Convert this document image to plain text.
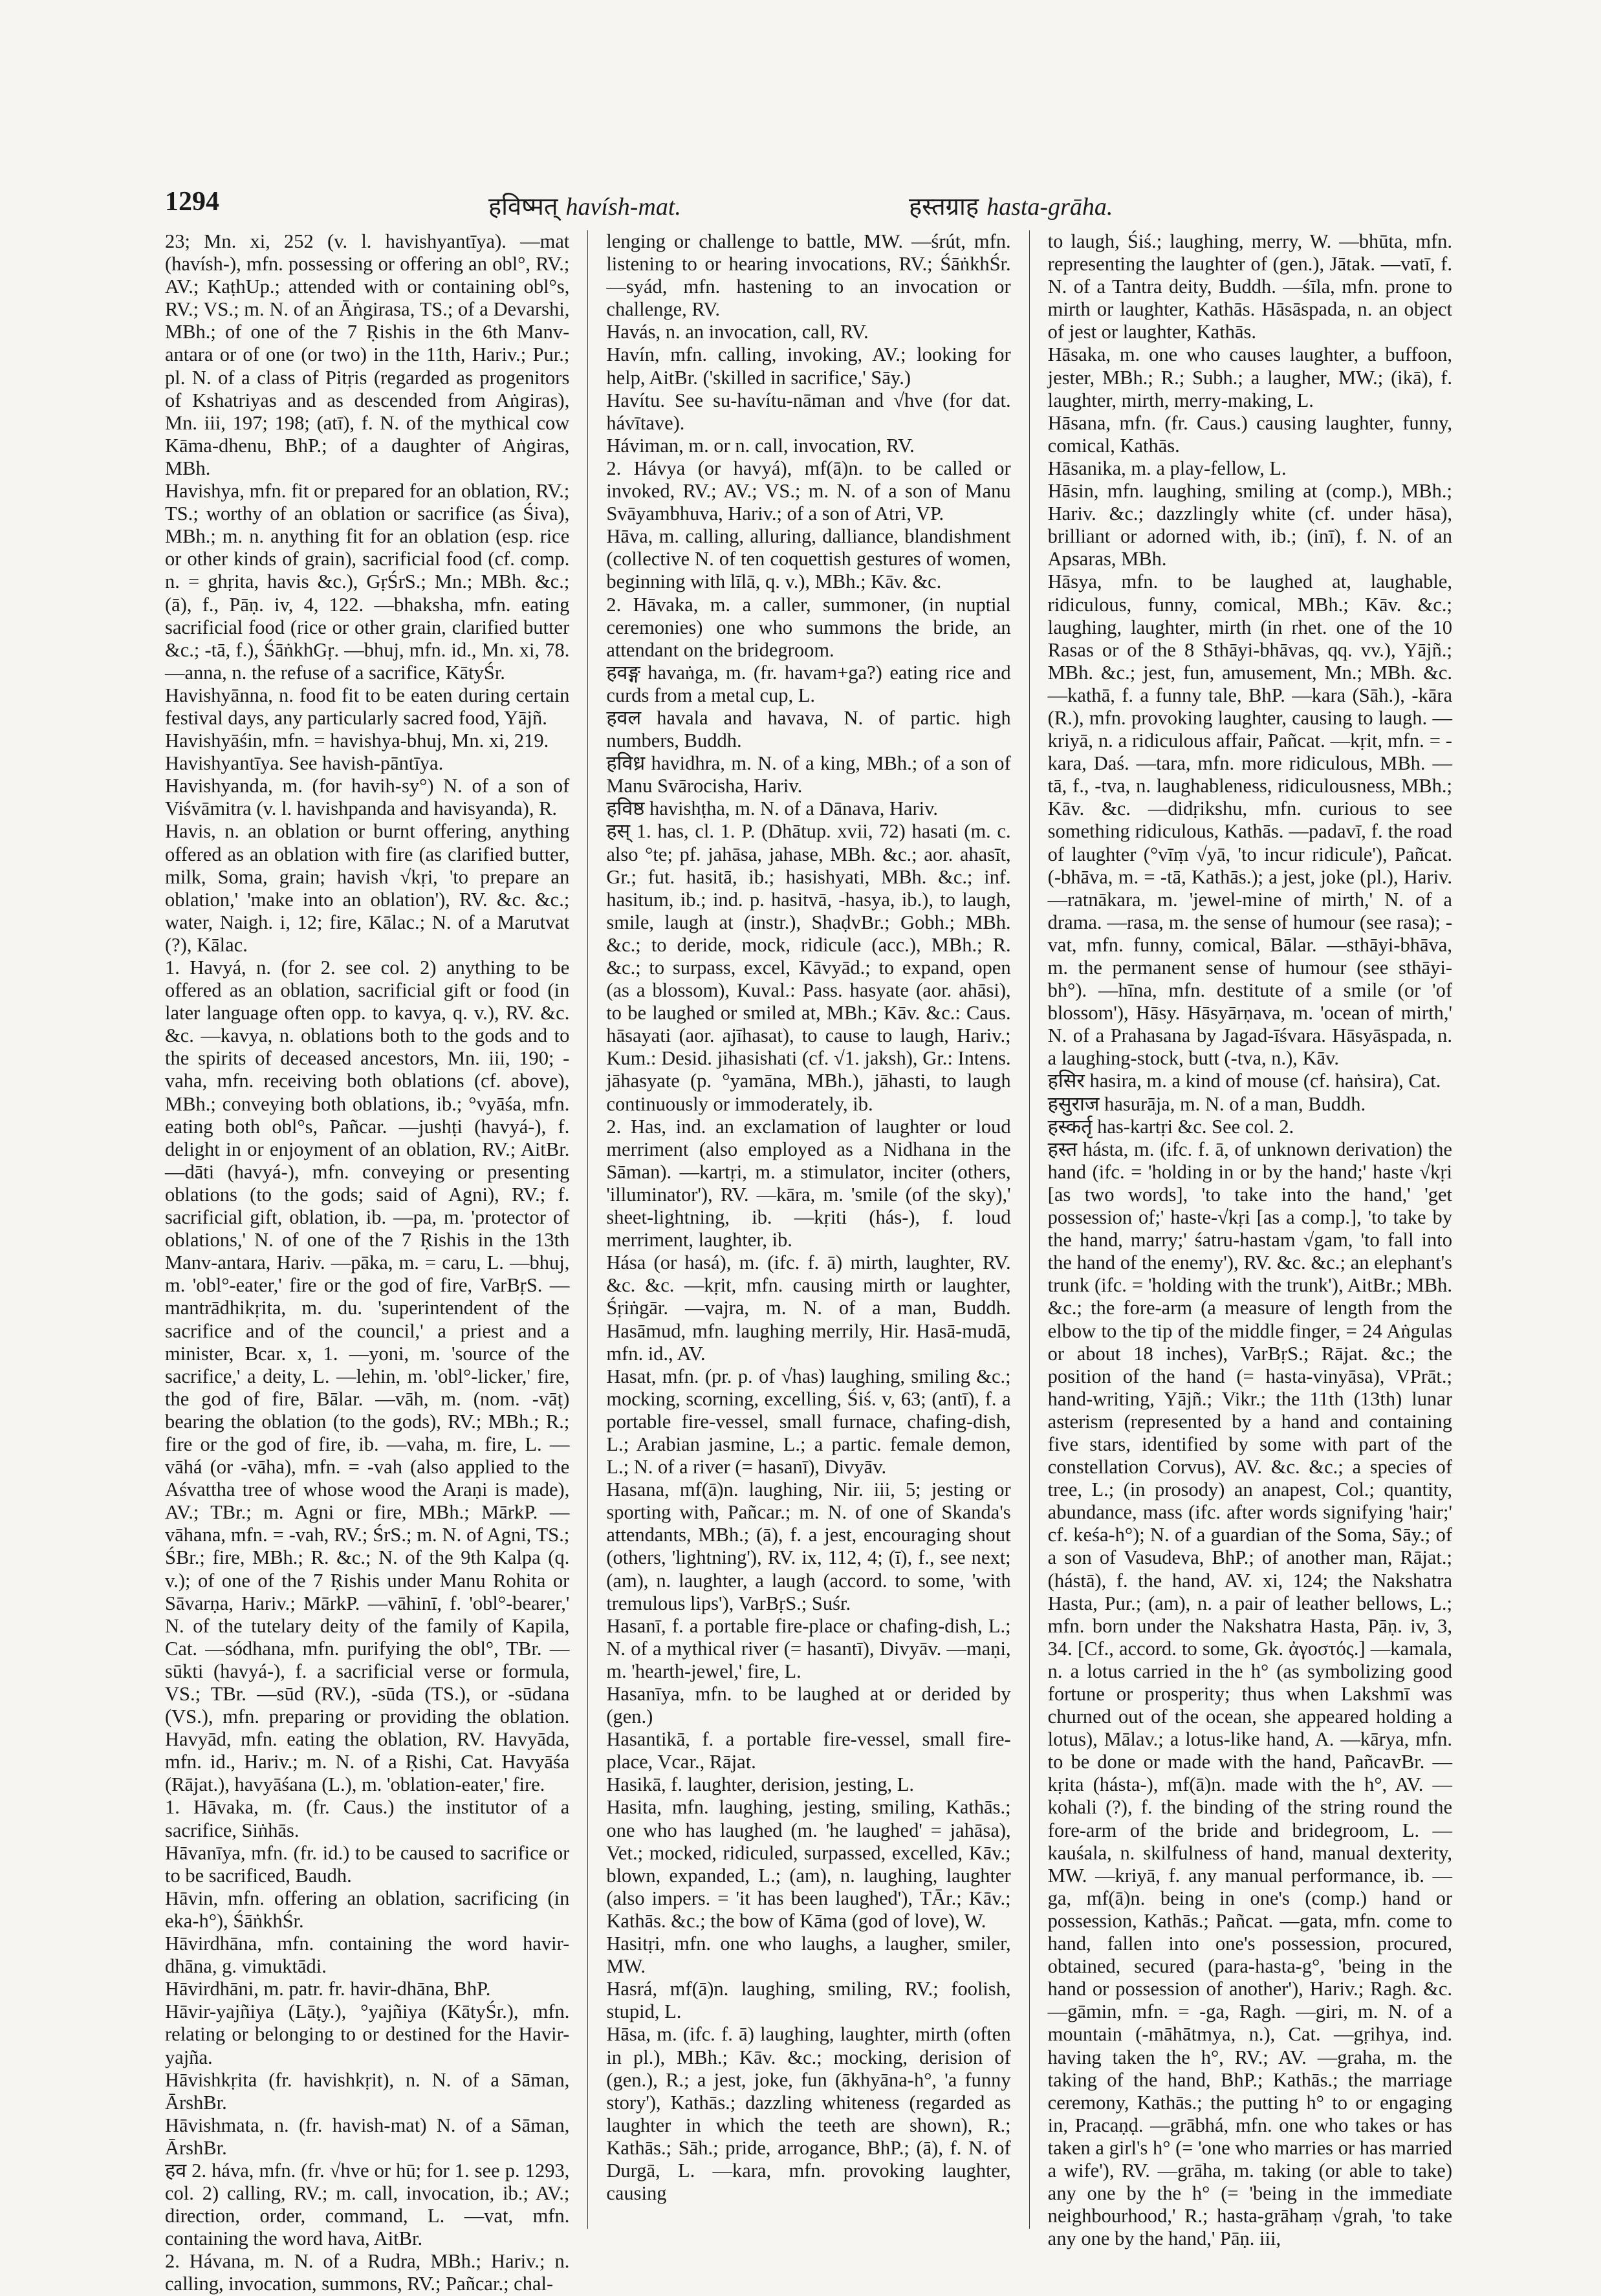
1294	हविष्मत् havísh-mat.	हस्तग्राह hasta-grāha.

23; Mn. xi, 252 (v. l. havishyantīya). —mat (havísh-), mfn. possessing or offering an obl°, RV.; AV.; KaṭhUp.; attended with or containing obl°s, RV.; VS.; m. N. of an Āṅgirasa, TS.; of a Devarshi, MBh.; of one of the 7 Ṛishis in the 6th Manv-antara or of one (or two) in the 11th, Hariv.; Pur.; pl. N. of a class of Pitṛis (regarded as progenitors of Kshatriyas and as descended from Aṅgiras), Mn. iii, 197; 198; (atī), f. N. of the mythical cow Kāma-dhenu, BhP.; of a daughter of Aṅgiras, MBh.

Havishya, mfn. fit or prepared for an oblation, RV.; TS.; worthy of an oblation or sacrifice (as Śiva), MBh.; m. n. anything fit for an oblation (esp. rice or other kinds of grain), sacrificial food (cf. comp. n. = ghṛita, havis &c.), GṛŚrS.; Mn.; MBh. &c.; (ā), f., Pāṇ. iv, 4, 122. —bhaksha, mfn. eating sacrificial food (rice or other grain, clarified butter &c.; -tā, f.), ŚāṅkhGṛ. —bhuj, mfn. id., Mn. xi, 78. —anna, n. the refuse of a sacrifice, KātyŚr.

Havishyānna, n. food fit to be eaten during certain festival days, any particularly sacred food, Yājñ.

Havishyāśin, mfn. = havishya-bhuj, Mn. xi, 219.

Havishyantīya. See havish-pāntīya.

Havishyanda, m. (for havih-sy°) N. of a son of Viśvāmitra (v. l. havishpanda and havisyanda), R.

Havis, n. an oblation or burnt offering, anything offered as an oblation with fire (as clarified butter, milk, Soma, grain; havish √kṛi, 'to prepare an oblation,' 'make into an oblation'), RV. &c. &c.; water, Naigh. i, 12; fire, Kālac.; N. of a Marutvat (?), Kālac.

1. Havyá, n. (for 2. see col. 2) anything to be offered as an oblation, sacrificial gift or food (in later language often opp. to kavya, q. v.), RV. &c. &c. —kavya, n. oblations both to the gods and to the spirits of deceased ancestors, Mn. iii, 190; -vaha, mfn. receiving both oblations (cf. above), MBh.; conveying both oblations, ib.; °vyāśa, mfn. eating both obl°s, Pañcar. —jushṭi (havyá-), f. delight in or enjoyment of an oblation, RV.; AitBr. —dāti (havyá-), mfn. conveying or presenting oblations (to the gods; said of Agni), RV.; f. sacrificial gift, oblation, ib. —pa, m. 'protector of oblations,' N. of one of the 7 Ṛishis in the 13th Manv-antara, Hariv. —pāka, m. = caru, L. —bhuj, m. 'obl°-eater,' fire or the god of fire, VarBṛS. —mantrādhikṛita, m. du. 'superintendent of the sacrifice and of the council,' a priest and a minister, Bcar. x, 1. —yoni, m. 'source of the sacrifice,' a deity, L. —lehin, m. 'obl°-licker,' fire, the god of fire, Bālar. —vāh, m. (nom. -vāṭ) bearing the oblation (to the gods), RV.; MBh.; R.; fire or the god of fire, ib. —vaha, m. fire, L. —vāhá (or -vāha), mfn. = -vah (also applied to the Aśvattha tree of whose wood the Araṇi is made), AV.; TBr.; m. Agni or fire, MBh.; MārkP. —vāhana, mfn. = -vah, RV.; ŚrS.; m. N. of Agni, TS.; ŚBr.; fire, MBh.; R. &c.; N. of the 9th Kalpa (q. v.); of one of the 7 Ṛishis under Manu Rohita or Sāvarṇa, Hariv.; MārkP. —vāhinī, f. 'obl°-bearer,' N. of the tutelary deity of the family of Kapila, Cat. —sódhana, mfn. purifying the obl°, TBr. —sūkti (havyá-), f. a sacrificial verse or formula, VS.; TBr. —sūd (RV.), -sūda (TS.), or -sūdana (VS.), mfn. preparing or providing the oblation. Havyād, mfn. eating the oblation, RV. Havyāda, mfn. id., Hariv.; m. N. of a Ṛishi, Cat. Havyāśa (Rājat.), havyāśana (L.), m. 'oblation-eater,' fire.

1. Hāvaka, m. (fr. Caus.) the institutor of a sacrifice, Siṅhās.

Hāvanīya, mfn. (fr. id.) to be caused to sacrifice or to be sacrificed, Baudh.

Hāvin, mfn. offering an oblation, sacrificing (in eka-h°), ŚāṅkhŚr.

Hāvirdhāna, mfn. containing the word havir-dhāna, g. vimuktādi.

Hāvirdhāni, m. patr. fr. havir-dhāna, BhP.

Hāvir-yajñiya (Lāṭy.), °yajñiya (KātyŚr.), mfn. relating or belonging to or destined for the Havir-yajña.

Hāvishkṛita (fr. havishkṛit), n. N. of a Sāman, ĀrshBr.

Hāvishmata, n. (fr. havish-mat) N. of a Sāman, ĀrshBr.

हव 2. háva, mfn. (fr. √hve or hū; for 1. see p. 1293, col. 2) calling, RV.; m. call, invocation, ib.; AV.; direction, order, command, L. —vat, mfn. containing the word hava, AitBr.

2. Hávana, m. N. of a Rudra, MBh.; Hariv.; n. calling, invocation, summons, RV.; Pañcar.; chal-

lenging or challenge to battle, MW. —śrút, mfn. listening to or hearing invocations, RV.; ŚāṅkhŚr. —syád, mfn. hastening to an invocation or challenge, RV.

Havás, n. an invocation, call, RV.

Havín, mfn. calling, invoking, AV.; looking for help, AitBr. ('skilled in sacrifice,' Sāy.)

Havítu. See su-havítu-nāman and √hve (for dat. hávītave).

Háviman, m. or n. call, invocation, RV.

2. Hávya (or havyá), mf(ā)n. to be called or invoked, RV.; AV.; VS.; m. N. of a son of Manu Svāyambhuva, Hariv.; of a son of Atri, VP.

Hāva, m. calling, alluring, dalliance, blandishment (collective N. of ten coquettish gestures of women, beginning with līlā, q. v.), MBh.; Kāv. &c.

2. Hāvaka, m. a caller, summoner, (in nuptial ceremonies) one who summons the bride, an attendant on the bridegroom.

हवङ्ग havaṅga, m. (fr. havam+ga?) eating rice and curds from a metal cup, L.

हवल havala and havava, N. of partic. high numbers, Buddh.

हविध्र havidhra, m. N. of a king, MBh.; of a son of Manu Svārocisha, Hariv.

हविष्ठ havishṭha, m. N. of a Dānava, Hariv.

हस् 1. has, cl. 1. P. (Dhātup. xvii, 72) hasati (m. c. also °te; pf. jahāsa, jahase, MBh. &c.; aor. ahasīt, Gr.; fut. hasitā, ib.; hasishyati, MBh. &c.; inf. hasitum, ib.; ind. p. hasitvā, -hasya, ib.), to laugh, smile, laugh at (instr.), ShaḍvBr.; Gobh.; MBh. &c.; to deride, mock, ridicule (acc.), MBh.; R. &c.; to surpass, excel, Kāvyād.; to expand, open (as a blossom), Kuval.: Pass. hasyate (aor. ahāsi), to be laughed or smiled at, MBh.; Kāv. &c.: Caus. hāsayati (aor. ajīhasat), to cause to laugh, Hariv.; Kum.: Desid. jihasishati (cf. √1. jaksh), Gr.: Intens. jāhasyate (p. °yamāna, MBh.), jāhasti, to laugh continuously or immoderately, ib.

2. Has, ind. an exclamation of laughter or loud merriment (also employed as a Nidhana in the Sāman). —kartṛi, m. a stimulator, inciter (others, 'illuminator'), RV. —kāra, m. 'smile (of the sky),' sheet-lightning, ib. —kṛiti (hás-), f. loud merriment, laughter, ib.

Hása (or hasá), m. (ifc. f. ā) mirth, laughter, RV. &c. &c. —kṛit, mfn. causing mirth or laughter, Śṛiṅgār. —vajra, m. N. of a man, Buddh. Hasāmud, mfn. laughing merrily, Hir. Hasā-mudā, mfn. id., AV.

Hasat, mfn. (pr. p. of √has) laughing, smiling &c.; mocking, scorning, excelling, Śiś. v, 63; (antī), f. a portable fire-vessel, small furnace, chafing-dish, L.; Arabian jasmine, L.; a partic. female demon, L.; N. of a river (= hasanī), Divyāv.

Hasana, mf(ā)n. laughing, Nir. iii, 5; jesting or sporting with, Pañcar.; m. N. of one of Skanda's attendants, MBh.; (ā), f. a jest, encouraging shout (others, 'lightning'), RV. ix, 112, 4; (ī), f., see next; (am), n. laughter, a laugh (accord. to some, 'with tremulous lips'), VarBṛS.; Suśr.

Hasanī, f. a portable fire-place or chafing-dish, L.; N. of a mythical river (= hasantī), Divyāv. —maṇi, m. 'hearth-jewel,' fire, L.

Hasanīya, mfn. to be laughed at or derided by (gen.)

Hasantikā, f. a portable fire-vessel, small fire-place, Vcar., Rājat.

Hasikā, f. laughter, derision, jesting, L.

Hasita, mfn. laughing, jesting, smiling, Kathās.; one who has laughed (m. 'he laughed' = jahāsa), Vet.; mocked, ridiculed, surpassed, excelled, Kāv.; blown, expanded, L.; (am), n. laughing, laughter (also impers. = 'it has been laughed'), TĀr.; Kāv.; Kathās. &c.; the bow of Kāma (god of love), W.

Hasitṛi, mfn. one who laughs, a laugher, smiler, MW.

Hasrá, mf(ā)n. laughing, smiling, RV.; foolish, stupid, L.

Hāsa, m. (ifc. f. ā) laughing, laughter, mirth (often in pl.), MBh.; Kāv. &c.; mocking, derision of (gen.), R.; a jest, joke, fun (ākhyāna-h°, 'a funny story'), Kathās.; dazzling whiteness (regarded as laughter in which the teeth are shown), R.; Kathās.; Sāh.; pride, arrogance, BhP.; (ā), f. N. of Durgā, L. —kara, mfn. provoking laughter, causing

to laugh, Śiś.; laughing, merry, W. —bhūta, mfn. representing the laughter of (gen.), Jātak. —vatī, f. N. of a Tantra deity, Buddh. —śīla, mfn. prone to mirth or laughter, Kathās. Hāsāspada, n. an object of jest or laughter, Kathās.

Hāsaka, m. one who causes laughter, a buffoon, jester, MBh.; R.; Subh.; a laugher, MW.; (ikā), f. laughter, mirth, merry-making, L.

Hāsana, mfn. (fr. Caus.) causing laughter, funny, comical, Kathās.

Hāsanika, m. a play-fellow, L.

Hāsin, mfn. laughing, smiling at (comp.), MBh.; Hariv. &c.; dazzlingly white (cf. under hāsa), brilliant or adorned with, ib.; (inī), f. N. of an Apsaras, MBh.

Hāsya, mfn. to be laughed at, laughable, ridiculous, funny, comical, MBh.; Kāv. &c.; laughing, laughter, mirth (in rhet. one of the 10 Rasas or of the 8 Sthāyi-bhāvas, qq. vv.), Yājñ.; MBh. &c.; jest, fun, amusement, Mn.; MBh. &c. —kathā, f. a funny tale, BhP. —kara (Sāh.), -kāra (R.), mfn. provoking laughter, causing to laugh. —kriyā, n. a ridiculous affair, Pañcat. —kṛit, mfn. = -kara, Daś. —tara, mfn. more ridiculous, MBh. —tā, f., -tva, n. laughableness, ridiculousness, MBh.; Kāv. &c. —didṛikshu, mfn. curious to see something ridiculous, Kathās. —padavī, f. the road of laughter (°vīṃ √yā, 'to incur ridicule'), Pañcat. (-bhāva, m. = -tā, Kathās.); a jest, joke (pl.), Hariv. —ratnākara, m. 'jewel-mine of mirth,' N. of a drama. —rasa, m. the sense of humour (see rasa); -vat, mfn. funny, comical, Bālar. —sthāyi-bhāva, m. the permanent sense of humour (see sthāyi-bh°). —hīna, mfn. destitute of a smile (or 'of blossom'), Hāsy. Hāsyārṇava, m. 'ocean of mirth,' N. of a Prahasana by Jagad-īśvara. Hāsyāspada, n. a laughing-stock, butt (-tva, n.), Kāv.

हसिर hasira, m. a kind of mouse (cf. haṅsira), Cat.

हसुराज hasurāja, m. N. of a man, Buddh.

हस्कर्तृ has-kartṛi &c. See col. 2.

हस्त hásta, m. (ifc. f. ā, of unknown derivation) the hand (ifc. = 'holding in or by the hand;' haste √kṛi [as two words], 'to take into the hand,' 'get possession of;' haste-√kṛi [as a comp.], 'to take by the hand, marry;' śatru-hastam √gam, 'to fall into the hand of the enemy'), RV. &c. &c.; an elephant's trunk (ifc. = 'holding with the trunk'), AitBr.; MBh. &c.; the fore-arm (a measure of length from the elbow to the tip of the middle finger, = 24 Aṅgulas or about 18 inches), VarBṛS.; Rājat. &c.; the position of the hand (= hasta-vinyāsa), VPrāt.; hand-writing, Yājñ.; Vikr.; the 11th (13th) lunar asterism (represented by a hand and containing five stars, identified by some with part of the constellation Corvus), AV. &c. &c.; a species of tree, L.; (in prosody) an anapest, Col.; quantity, abundance, mass (ifc. after words signifying 'hair;' cf. keśa-h°); N. of a guardian of the Soma, Sāy.; of a son of Vasudeva, BhP.; of another man, Rājat.; (hástā), f. the hand, AV. xi, 124; the Nakshatra Hasta, Pur.; (am), n. a pair of leather bellows, L.; mfn. born under the Nakshatra Hasta, Pāṇ. iv, 3, 34. [Cf., accord. to some, Gk. ἀγοστός.] —kamala, n. a lotus carried in the h° (as symbolizing good fortune or prosperity; thus when Lakshmī was churned out of the ocean, she appeared holding a lotus), Mālav.; a lotus-like hand, A. —kāryа, mfn. to be done or made with the hand, PañcavBr. —kṛita (hásta-), mf(ā)n. made with the h°, AV. —kohali (?), f. the binding of the string round the fore-arm of the bride and bridegroom, L. —kauśala, n. skilfulness of hand, manual dexterity, MW. —kriyā, f. any manual performance, ib. —ga, mf(ā)n. being in one's (comp.) hand or possession, Kathās.; Pañcat. —gata, mfn. come to hand, fallen into one's possession, procured, obtained, secured (para-hasta-g°, 'being in the hand or possession of another'), Hariv.; Ragh. &c. —gāmin, mfn. = -ga, Ragh. —giri, m. N. of a mountain (-māhātmya, n.), Cat. —gṛihya, ind. having taken the h°, RV.; AV. —graha, m. the taking of the hand, BhP.; Kathās.; the marriage ceremony, Kathās.; the putting h° to or engaging in, Pracaṇḍ. —grābhá, mfn. one who takes or has taken a girl's h° (= 'one who marries or has married a wife'), RV. —grāha, m. taking (or able to take) any one by the h° (= 'being in the immediate neighbourhood,' R.; hasta-grāhaṃ √grah, 'to take any one by the hand,' Pāṇ. iii,
